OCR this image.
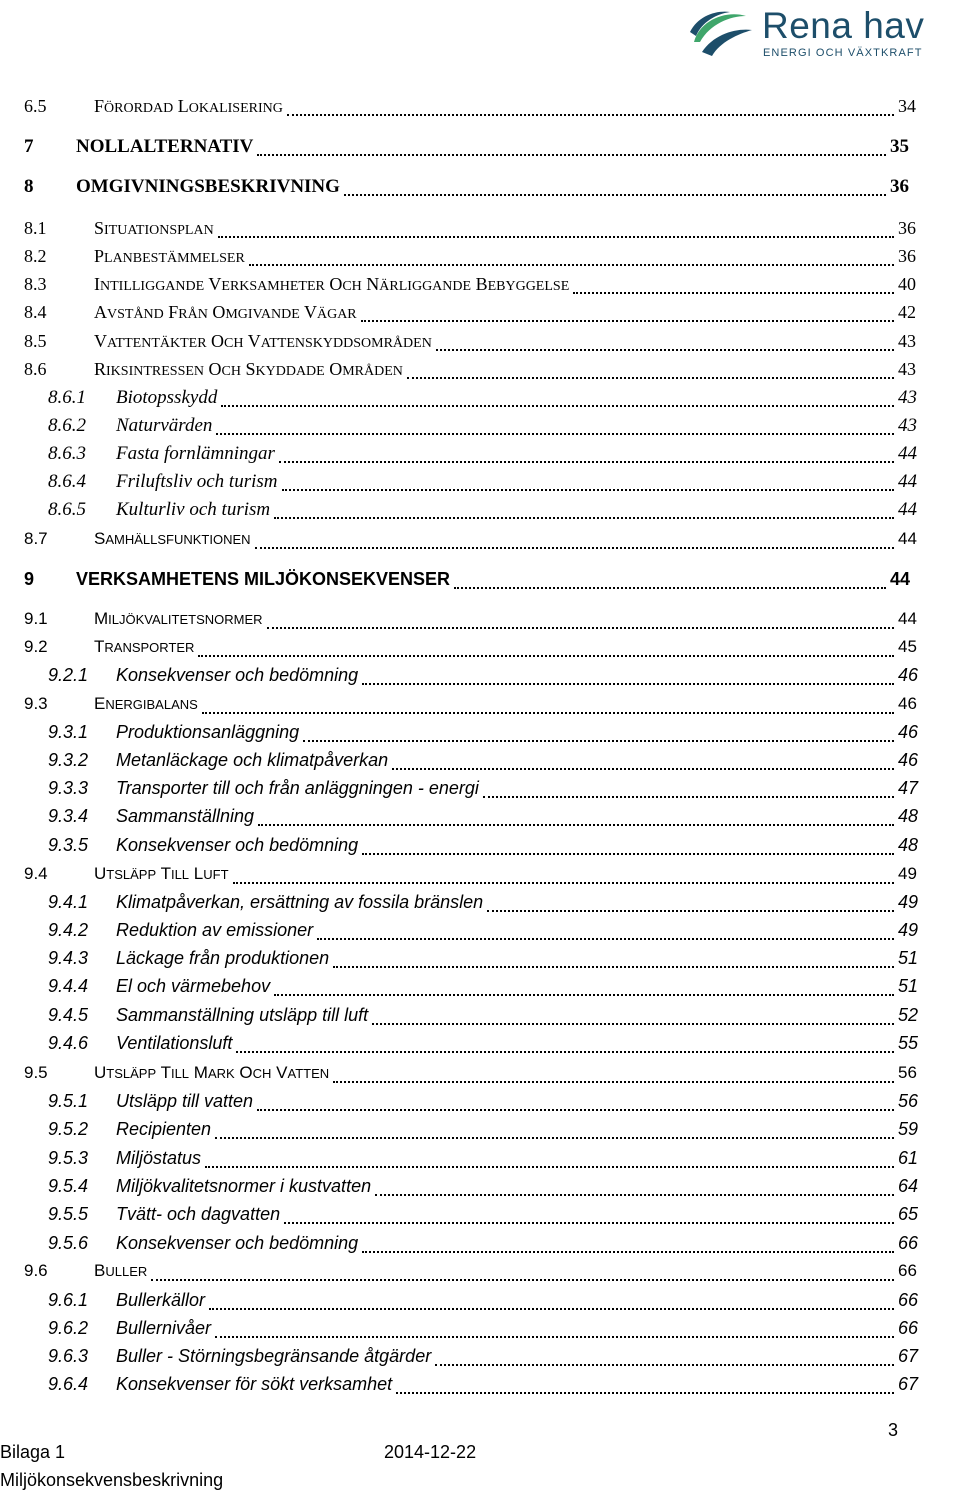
Rena hav
ENERGI OCH VÄXTKRAFT
6.5	FÖRORDAD LOKALISERING	34
7 NOLLALTERNATIV	35
8 OMGIVNINGSBESKRIVNING	36
8.1	SITUATIONSPLAN	36
8.2	PLANBESTÄMMELSER	36
8.3	INTILLIGGANDE VERKSAMHETER OCH NÄRLIGGANDE BEBYGGELSE	40
8.4	AVSTÅND FRÅN OMGIVANDE VÄGAR	42
8.5	VATTENTÄKTER OCH VATTENSKYDDSOMRÅDEN	43
8.6	RIKSINTRESSEN OCH SKYDDADE OMRÅDEN	43
8.6.1 Biotopsskydd	43
8.6.2 Naturvärden	43
8.6.3 Fasta fornlämningar	44
8.6.4 Friluftsliv och turism	44
8.6.5 Kulturliv och turism	44
8.7	SAMHÄLLSFUNKTIONEN	44
9 VERKSAMHETENS MILJÖKONSEKVENSER	44
9.1	MILJÖKVALITETSNORMER	44
9.2	TRANSPORTER	45
9.2.1 Konsekvenser och bedömning	46
9.3	ENERGIBALANS	46
9.3.1 Produktionsanläggning	46
9.3.2 Metanläckage och klimatpåverkan	46
9.3.3 Transporter till och från anläggningen - energi	47
9.3.4 Sammanställning	48
9.3.5 Konsekvenser och bedömning	48
9.4	UTSLÄPP TILL LUFT	49
9.4.1 Klimatpåverkan, ersättning av fossila bränslen	49
9.4.2 Reduktion av emissioner	49
9.4.3 Läckage från produktionen	51
9.4.4 El och värmebehov	51
9.4.5 Sammanställning utsläpp till luft	52
9.4.6 Ventilationsluft	55
9.5	UTSLÄPP TILL MARK OCH VATTEN	56
9.5.1 Utsläpp till vatten	56
9.5.2 Recipienten	59
9.5.3 Miljöstatus	61
9.5.4 Miljökvalitetsnormer i kustvatten	64
9.5.5 Tvätt- och dagvatten	65
9.5.6 Konsekvenser och bedömning	66
9.6	BULLER	66
9.6.1 Bullerkällor	66
9.6.2 Bullernivåer	66
9.6.3 Buller - Störningsbegränsande åtgärder	67
9.6.4 Konsekvenser för sökt verksamhet	67
3
Bilaga 1	2014-12-22
Miljökonsekvensbeskrivning
